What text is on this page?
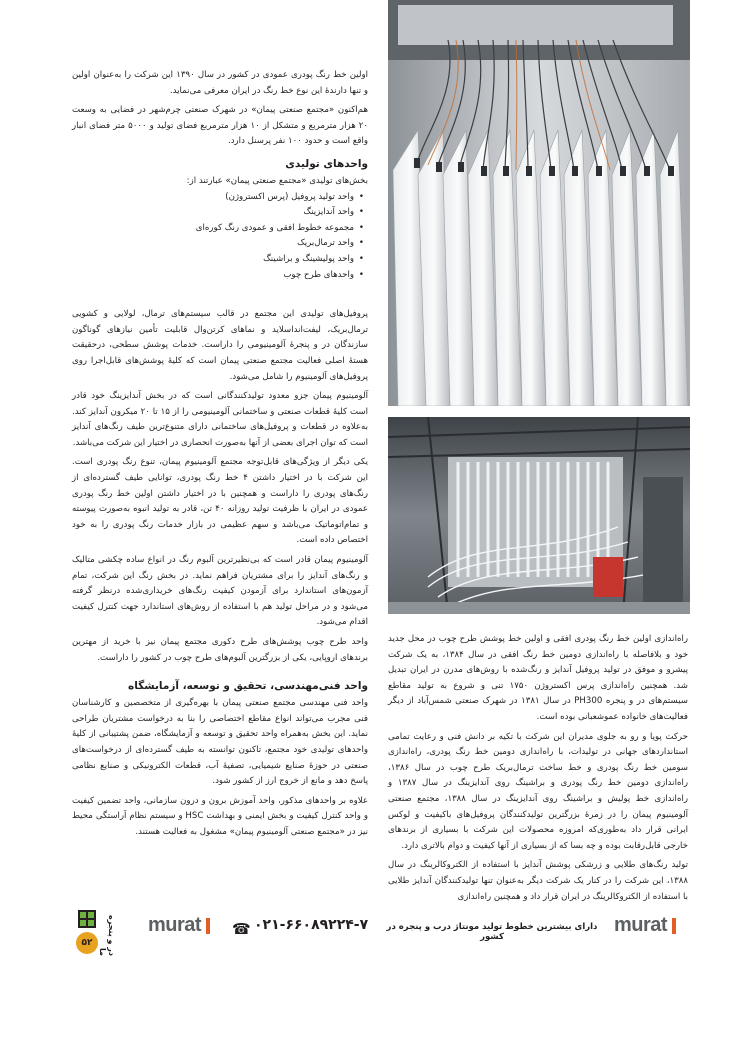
اولین خط رنگ پودری عمودی در کشور در سال ۱۳۹۰ این شرکت را به‌عنوان اولین و تنها دارندهٔ این نوع خط رنگ در ایران معرفی می‌نماید.

هم‌اکنون «مجتمع صنعتی پیمان» در شهرک صنعتی چرم‌شهر در فضایی به وسعت ۲۰ هزار مترمربع و متشکل از ۱۰ هزار مترمربع فضای تولید و ۵۰۰۰ متر فضای انبار واقع است و حدود ۱۰۰ نفر پرسنل دارد.

واحدهای تولیدی

بخش‌های تولیدی «مجتمع صنعتی پیمان» عبارتند از:

• واحد تولید پروفیل (پرس اکستروژن)
• واحد آندایزینگ
• مجموعه خطوط افقی و عمودی رنگ کوره‌ای
• واحد ترمال‌بریک
• واحد پولیشینگ و براشینگ
• واحدهای طرح چوب

پروفیل‌های تولیدی این مجتمع در قالب سیستم‌های ترمال، لولایی و کشویی ترمال‌بریک، لیفت‌اند‌اسلاید و نماهای کرتن‌وال قابلیت تأمین نیازهای گوناگون سازندگان در و پنجرهٔ آلومینیومی را داراست. خدمات پوشش سطحی، درحقیقت هستهٔ اصلی فعالیت مجتمع صنعتی پیمان است که کلیهٔ پوشش‌های قابل‌اجرا روی پروفیل‌های آلومینیوم را شامل می‌شود.

آلومینیوم پیمان جزو معدود تولیدکنندگانی است که در بخش آندایزینگ خود قادر است کلیهٔ قطعات صنعتی و ساختمانی آلومینیومی را از ۱۵ تا ۲۰ میکرون آندایز کند. به‌علاوه در قطعات و پروفیل‌های ساختمانی دارای متنوع‌ترین طیف رنگ‌های آندایز است که توان اجرای بعضی از آنها به‌صورت انحصاری در اختیار این شرکت می‌باشد.

یکی دیگر از ویژگی‌های قابل‌توجه مجتمع آلومینیوم پیمان، تنوع رنگ پودری است. این شرکت با در اختیار داشتن ۴ خط رنگ پودری، توانایی طیف گسترده‌ای از رنگ‌های پودری را داراست و همچنین با در اختیار داشتن اولین خط رنگ پودری عمودی در ایران با ظرفیت تولید روزانه ۴۰ تن، قادر به تولید انبوه به‌صورت پیوسته و تمام‌اتوماتیک می‌باشد و سهم عظیمی در بازار خدمات رنگ پودری را به خود اختصاص داده است.

آلومینیوم پیمان قادر است که بی‌نظیرترین آلبوم رنگ در انواع ساده چکشی متالیک و رنگ‌های آندایز را برای مشتریان فراهم نماید. در بخش رنگ این شرکت، تمام آزمون‌های استاندارد برای آزمودن کیفیت رنگ‌های خریداری‌شده درنظر گرفته می‌شود و در مراحل تولید هم با استفاده از روش‌های استاندارد جهت کنترل کیفیت اقدام می‌شود.

واحد طرح چوب پوشش‌های طرح دکوری مجتمع پیمان نیز با خرید از مهترین برندهای اروپایی، یکی از بزرگترین آلبوم‌های طرح چوب در کشور را داراست.

واحد فنی‌مهندسی، تحقیق و توسعه، آزمایشگاه

واحد فنی مهندسی مجتمع صنعتی پیمان با بهره‌گیری از متخصصین و کارشناسان فنی مجرب می‌تواند انواع مقاطع اختصاصی را بنا به درخواست مشتریان طراحی نماید. این بخش به‌همراه واحد تحقیق و توسعه و آزمایشگاه، ضمن پشتیبانی از کلیهٔ واحدهای تولیدی خود مجتمع، تاکنون توانسته به طیف گسترده‌ای از درخواست‌های صنعتی در حوزهٔ صنایع شیمیایی، تصفیهٔ آب، قطعات الکترونیکی و صنایع نظامی پاسخ دهد و مانع از خروج ارز از کشور شود.

علاوه بر واحدهای مذکور، واحد آموزش برون و درون سازمانی، واحد تضمین کیفیت و واحد کنترل کیفیت و بخش ایمنی و بهداشت HSC و سیستم نظام آراستگی محیط نیز در «مجتمع صنعتی آلومینیوم پیمان» مشغول به فعالیت هستند.

راه‌اندازی اولین خط رنگ پودری افقی و اولین خط پوشش طرح چوب در محل جدید خود و بلافاصله با راه‌اندازی دومین خط رنگ افقی در سال ۱۳۸۴، به یک شرکت پیشرو و موفق در تولید پروفیل آندایز و رنگ‌شده با روش‌های مدرن در ایران تبدیل شد. همچنین راه‌اندازی پرس اکستروژن ۱۷۵۰ تنی و شروع به تولید مقاطع سیستم‌های در و پنجره PH300 در سال ۱۳۸۱ در شهرک صنعتی شمس‌آباد از دیگر فعالیت‌های خانواده عموشعبانی بوده است.

حرکت پویا و رو به جلوی مدیران این شرکت با تکیه بر دانش فنی و رعایت تمامی استانداردهای جهانی در تولیدات، با راه‌اندازی دومین خط رنگ پودری، راه‌اندازی سومین خط رنگ پودری و خط ساخت ترمال‌بریک طرح چوب در سال ۱۳۸۶، راه‌اندازی دومین خط رنگ پودری و براشینگ روی آندایزینگ در سال ۱۳۸۷ و راه‌اندازی خط پولیش و براشینگ روی آندایزینگ در سال ۱۳۸۸، مجتمع صنعتی آلومینیوم پیمان را در زمرهٔ بزرگترین تولیدکنندگان پروفیل‌های باکیفیت و لوکس ایرانی قرار داد به‌طوری‌که امروزه محصولات این شرکت با بسیاری از برندهای خارجی قابل‌رقابت بوده و چه بسا که از بسیاری از آنها کیفیت و دوام بالاتری دارد.

تولید رنگ‌های طلایی و زرشکی پوشش آندایز با استفاده از الکتروکالرینگ در سال ۱۳۸۸، این شرکت را در کنار یک شرکت دیگر به‌عنوان تنها تولیدکنندگان آندایز طلایی با استفاده از الکتروکالرینگ در ایران قرار داد و همچنین راه‌اندازی

۵۲	در و پنجره ما
murat ☎ ۰۲۱-۶۶۰۸۹۲۲۴-۷ دارای بیشترین خطوط تولید مونتاژ درب و پنجره در کشور
murat
